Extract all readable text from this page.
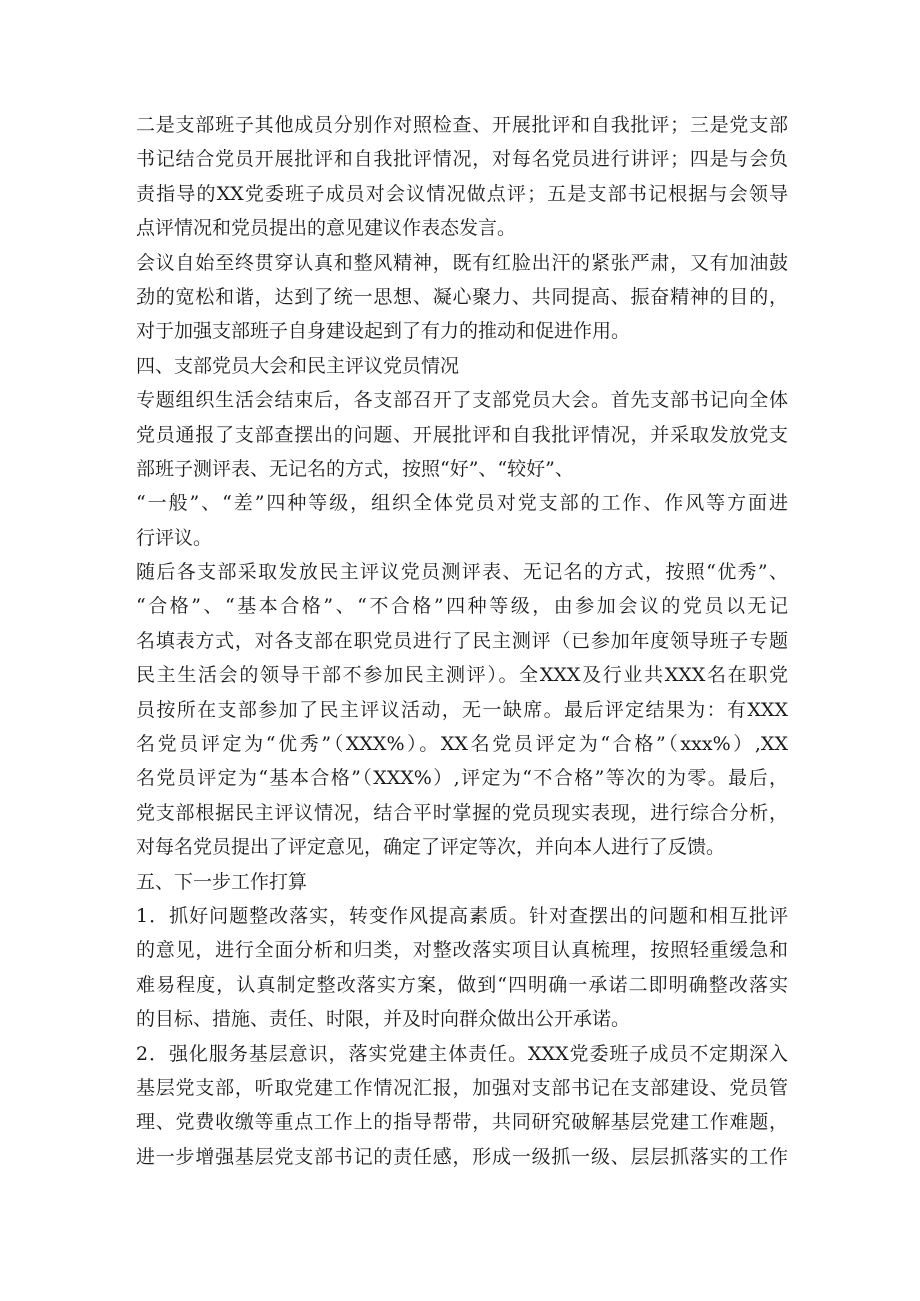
二是支部班子其他成员分别作对照检查、开展批评和自我批评；三是党支部
书记结合党员开展批评和自我批评情况，对每名党员进行讲评；四是与会负
责指导的XX党委班子成员对会议情况做点评；五是支部书记根据与会领导
点评情况和党员提出的意见建议作表态发言。
会议自始至终贯穿认真和整风精神，既有红脸出汗的紧张严肃，又有加油鼓
劲的宽松和谐，达到了统一思想、凝心聚力、共同提高、振奋精神的目的，
对于加强支部班子自身建设起到了有力的推动和促进作用。
四、支部党员大会和民主评议党员情况
专题组织生活会结束后，各支部召开了支部党员大会。首先支部书记向全体
党员通报了支部查摆出的问题、开展批评和自我批评情况，并采取发放党支
部班子测评表、无记名的方式，按照“好”、“较好”、
“一般”、“差”四种等级，组织全体党员对党支部的工作、作风等方面进
行评议。
随后各支部采取发放民主评议党员测评表、无记名的方式，按照“优秀”、
“合格”、“基本合格”、“不合格”四种等级，由参加会议的党员以无记
名填表方式，对各支部在职党员进行了民主测评（已参加年度领导班子专题
民主生活会的领导干部不参加民主测评）。全XXX及行业共XXX名在职党
员按所在支部参加了民主评议活动，无一缺席。最后评定结果为：有XXX
名党员评定为“优秀”（XXX%）。XX名党员评定为“合格”（xxx%）,XX
名党员评定为“基本合格”（XXX%）,评定为“不合格”等次的为零。最后，
党支部根据民主评议情况，结合平时掌握的党员现实表现，进行综合分析，
对每名党员提出了评定意见，确定了评定等次，并向本人进行了反馈。
五、下一步工作打算
1．抓好问题整改落实，转变作风提高素质。针对查摆出的问题和相互批评
的意见，进行全面分析和归类，对整改落实项目认真梳理，按照轻重缓急和
难易程度，认真制定整改落实方案，做到“四明确一承诺二即明确整改落实
的目标、措施、责任、时限，并及时向群众做出公开承诺。
2．强化服务基层意识，落实党建主体责任。XXX党委班子成员不定期深入
基层党支部，听取党建工作情况汇报，加强对支部书记在支部建设、党员管
理、党费收缴等重点工作上的指导帮带，共同研究破解基层党建工作难题，
进一步增强基层党支部书记的责任感，形成一级抓一级、层层抓落实的工作
